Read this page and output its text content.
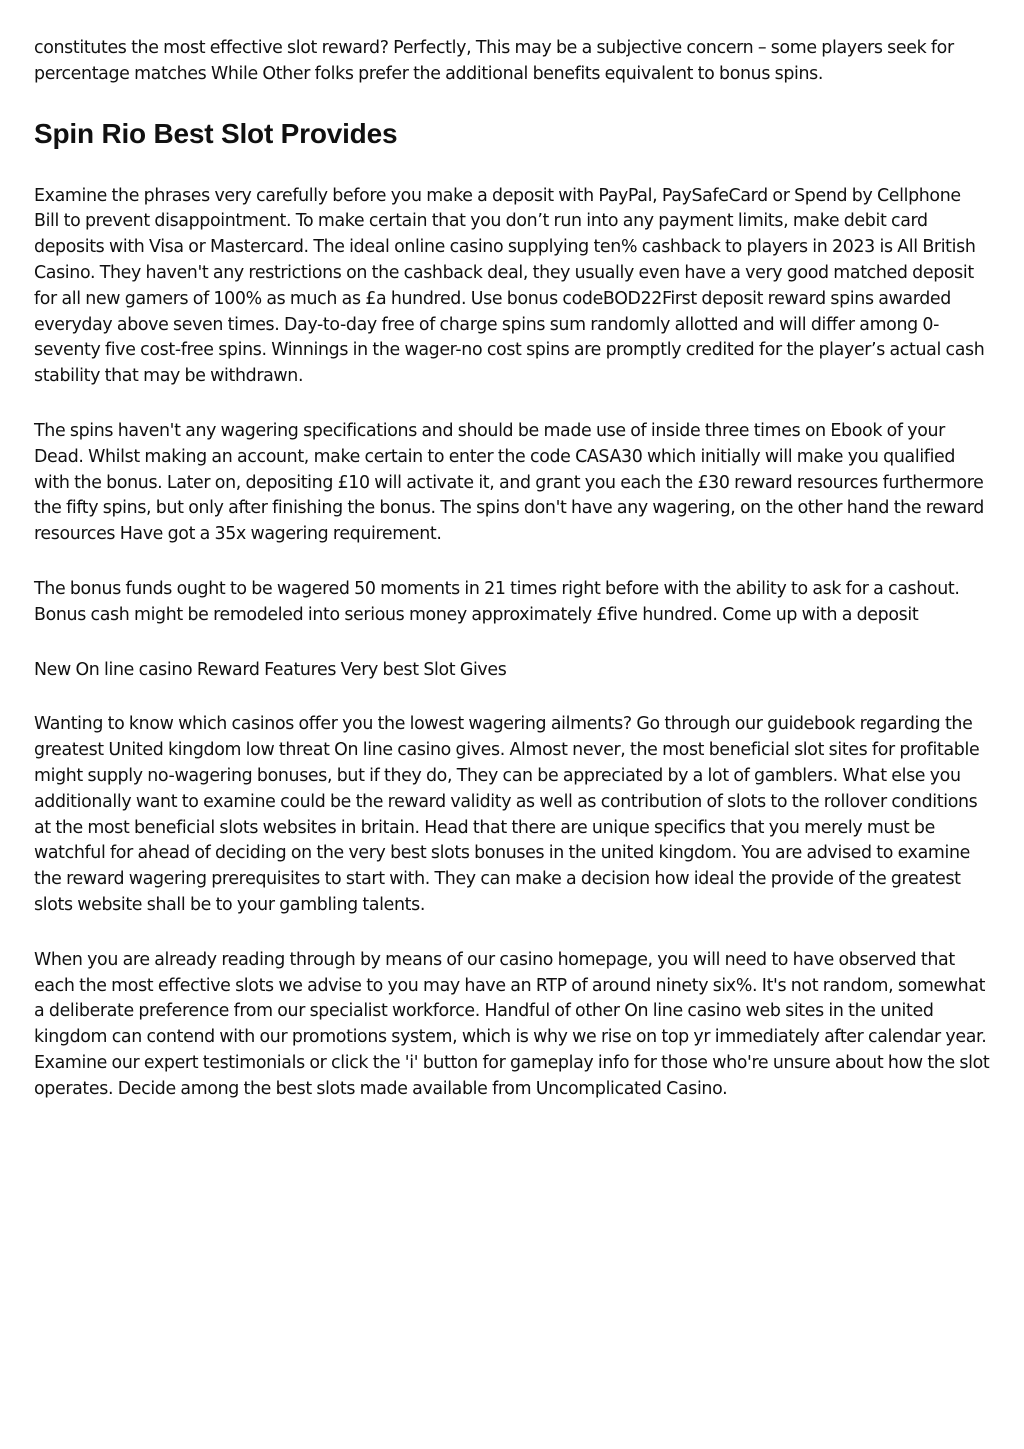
constitutes the most effective slot reward? Perfectly, This may be a subjective concern – some players seek for percentage matches While Other folks prefer the additional benefits equivalent to bonus spins.

Spin Rio Best Slot Provides

Examine the phrases very carefully before you make a deposit with PayPal, PaySafeCard or Spend by Cellphone Bill to prevent disappointment. To make certain that you don’t run into any payment limits, make debit card deposits with Visa or Mastercard. The ideal online casino supplying ten% cashback to players in 2023 is All British Casino. They haven't any restrictions on the cashback deal, they usually even have a very good matched deposit for all new gamers of 100% as much as £a hundred. Use bonus codeBOD22First deposit reward spins awarded everyday above seven times. Day-to-day free of charge spins sum randomly allotted and will differ among 0-seventy five cost-free spins. Winnings in the wager-no cost spins are promptly credited for the player’s actual cash stability that may be withdrawn.

The spins haven't any wagering specifications and should be made use of inside three times on Ebook of your Dead. Whilst making an account, make certain to enter the code CASA30 which initially will make you qualified with the bonus. Later on, depositing £10 will activate it, and grant you each the £30 reward resources furthermore the fifty spins, but only after finishing the bonus. The spins don't have any wagering, on the other hand the reward resources Have got a 35x wagering requirement.

The bonus funds ought to be wagered 50 moments in 21 times right before with the ability to ask for a cashout. Bonus cash might be remodeled into serious money approximately £five hundred. Come up with a deposit

New On line casino Reward Features Very best Slot Gives

Wanting to know which casinos offer you the lowest wagering ailments? Go through our guidebook regarding the greatest United kingdom low threat On line casino gives. Almost never, the most beneficial slot sites for profitable might supply no-wagering bonuses, but if they do, They can be appreciated by a lot of gamblers. What else you additionally want to examine could be the reward validity as well as contribution of slots to the rollover conditions at the most beneficial slots websites in britain. Head that there are unique specifics that you merely must be watchful for ahead of deciding on the very best slots bonuses in the united kingdom. You are advised to examine the reward wagering prerequisites to start with. They can make a decision how ideal the provide of the greatest slots website shall be to your gambling talents.

When you are already reading through by means of our casino homepage, you will need to have observed that each the most effective slots we advise to you may have an RTP of around ninety six%. It's not random, somewhat a deliberate preference from our specialist workforce. Handful of other On line casino web sites in the united kingdom can contend with our promotions system, which is why we rise on top yr immediately after calendar year. Examine our expert testimonials or click the 'i' button for gameplay info for those who're unsure about how the slot operates. Decide among the best slots made available from Uncomplicated Casino.
